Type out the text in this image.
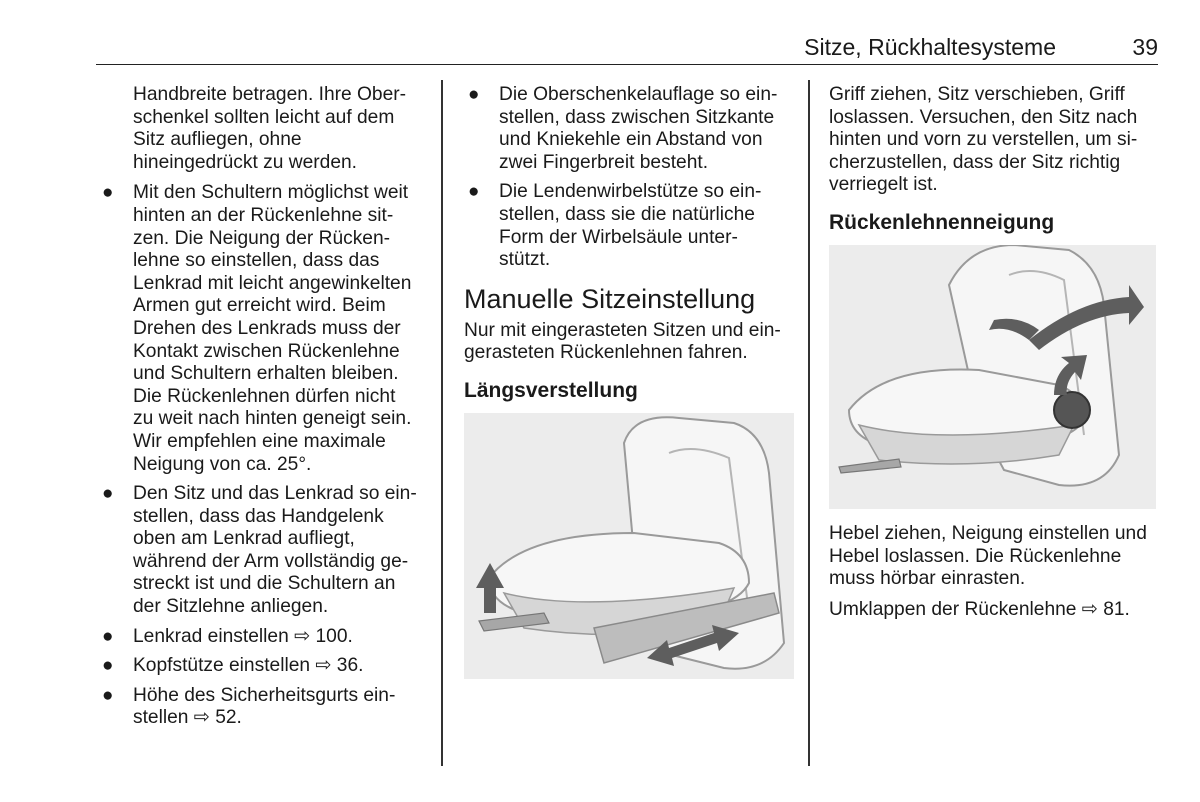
Sitze, Rückhaltesysteme	39

Handbreite betragen. Ihre Ober-
schenkel sollten leicht auf dem
Sitz aufliegen, ohne
hineingedrückt zu werden.

● Mit den Schultern möglichst weit
hinten an der Rückenlehne sit-
zen. Die Neigung der Rücken-
lehne so einstellen, dass das
Lenkrad mit leicht angewinkelten
Armen gut erreicht wird. Beim
Drehen des Lenkrads muss der
Kontakt zwischen Rückenlehne
und Schultern erhalten bleiben.
Die Rückenlehnen dürfen nicht
zu weit nach hinten geneigt sein.
Wir empfehlen eine maximale
Neigung von ca. 25°.
● Den Sitz und das Lenkrad so ein-
stellen, dass das Handgelenk
oben am Lenkrad aufliegt,
während der Arm vollständig ge-
streckt ist und die Schultern an
der Sitzlehne anliegen.
● Lenkrad einstellen ⇨ 100.
● Kopfstütze einstellen ⇨ 36.
● Höhe des Sicherheitsgurts ein-
stellen ⇨ 52.
● Die Oberschenkelauflage so ein-
stellen, dass zwischen Sitzkante
und Kniekehle ein Abstand von
zwei Fingerbreit besteht.
● Die Lendenwirbelstütze so ein-
stellen, dass sie die natürliche
Form der Wirbelsäule unter-
stützt.
Manuelle Sitzeinstellung

Nur mit eingerasteten Sitzen und ein-
gerasteten Rückenlehnen fahren.

Längsverstellung

Griff ziehen, Sitz verschieben, Griff
loslassen. Versuchen, den Sitz nach
hinten und vorn zu verstellen, um si-
cherzustellen, dass der Sitz richtig
verriegelt ist.

Rückenlehnenneigung

Hebel ziehen, Neigung einstellen und
Hebel loslassen. Die Rückenlehne
muss hörbar einrasten.

Umklappen der Rückenlehne ⇨ 81.
